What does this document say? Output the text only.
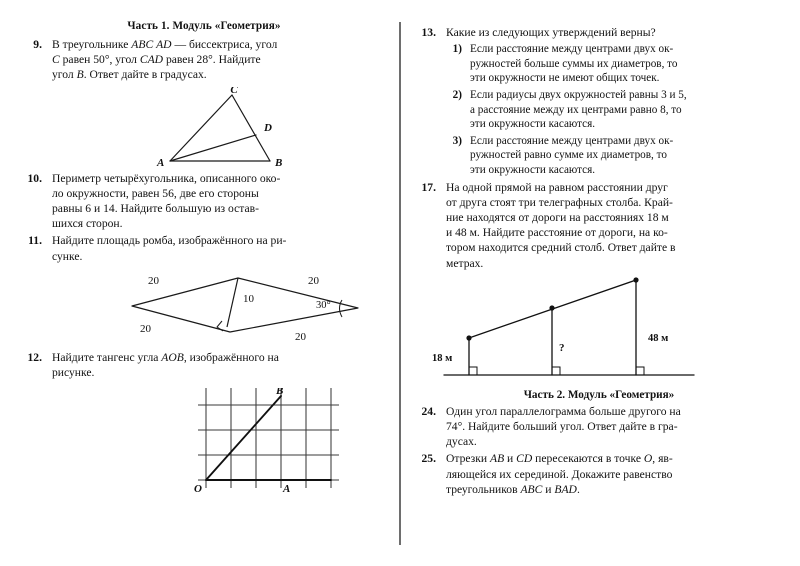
Часть 1. Модуль «Геометрия»
9. В треугольнике ABC AD — биссектриса, угол
C равен 50°, угол CAD равен 28°. Найдите
угол B. Ответ дайте в градусах.
C
D
A	B
10. Периметр четырёхугольника, описанного око-
ло окружности, равен 56, две его стороны
равны 6 и 14. Найдите большую из остав-
шихся сторон.
11. Найдите площадь ромба, изображённого на ри-
сунке.
20	20
20
20
10
30°
12. Найдите тангенс угла AOB, изображённого на
рисунке.
B
O	A
13. Какие из следующих утверждений верны?
1) Если расстояние между центрами двух ок-
ружностей больше суммы их диаметров, то
эти окружности не имеют общих точек.
2) Если радиусы двух окружностей равны 3 и 5,
а расстояние между их центрами равно 8, то
эти окружности касаются.
3) Если расстояние между центрами двух ок-
ружностей равно сумме их диаметров, то
эти окружности касаются.
17. На одной прямой на равном расстоянии друг
от друга стоят три телеграфных столба. Край-
ние находятся от дороги на расстояниях 18 м
и 48 м. Найдите расстояние от дороги, на ко-
тором находится средний столб. Ответ дайте в
метрах.
18 м
?
48 м
Часть 2. Модуль «Геометрия»
24. Один угол параллелограмма больше другого на
74°. Найдите больший угол. Ответ дайте в гра-
дусах.
25. Отрезки AB и CD пересекаются в точке O, яв-
ляющейся их серединой. Докажите равенство
треугольников ABC и BAD.
